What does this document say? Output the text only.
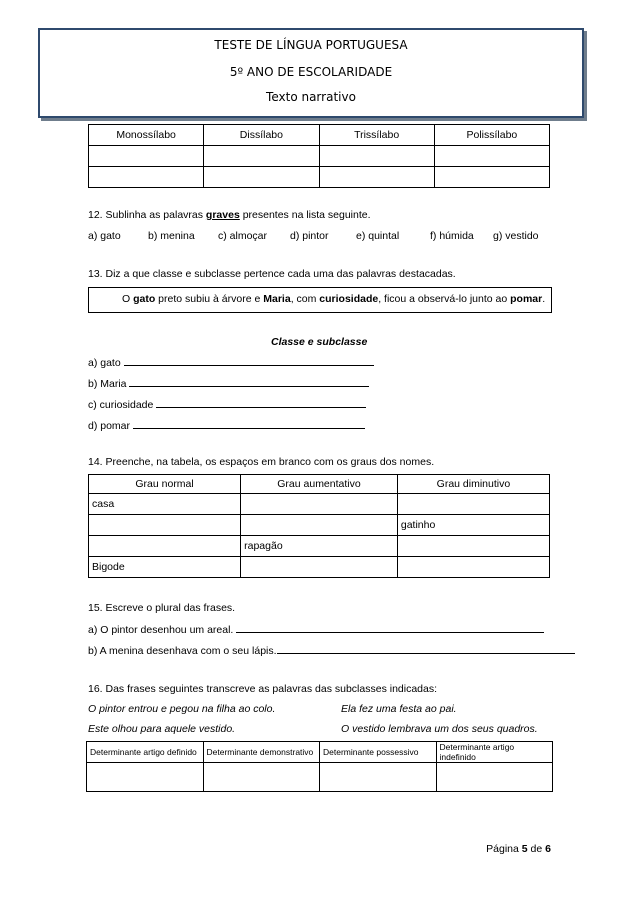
TESTE DE LÍNGUA PORTUGUESA
5º ANO DE ESCOLARIDADE
Texto narrativo
Monossílabo	Dissílabo	Trissílabo	Polissílabo

12. Sublinha as palavras graves presentes na lista seguinte.
a) gato	b) menina c) almoçar d) pintor	e) quintal	f) húmida g) vestido
13. Diz a que classe e subclasse pertence cada uma das palavras destacadas.
O gato preto subiu à árvore e Maria, com curiosidade, ficou a observá-lo junto ao pomar.
Classe e subclasse
a) gato
b) Maria
c) curiosidade
d) pomar
14. Preenche, na tabela, os espaços em branco com os graus dos nomes.
Grau normal	Grau aumentativo	Grau diminutivo
casa		
		gatinho
	rapagão	
Bigode		
15. Escreve o plural das frases.
a) O pintor desenhou um areal.
b) A menina desenhava com o seu lápis.
16. Das frases seguintes transcreve as palavras das subclasses indicadas:
O pintor entrou e pegou na filha ao colo.	Ela fez uma festa ao pai.
Este olhou para aquele vestido.	O vestido lembrava um dos seus quadros.
Determinante artigo definido	Determinante demonstrativo	Determinante possessivo	Determinante artigo indefinido

Página 5 de 6
